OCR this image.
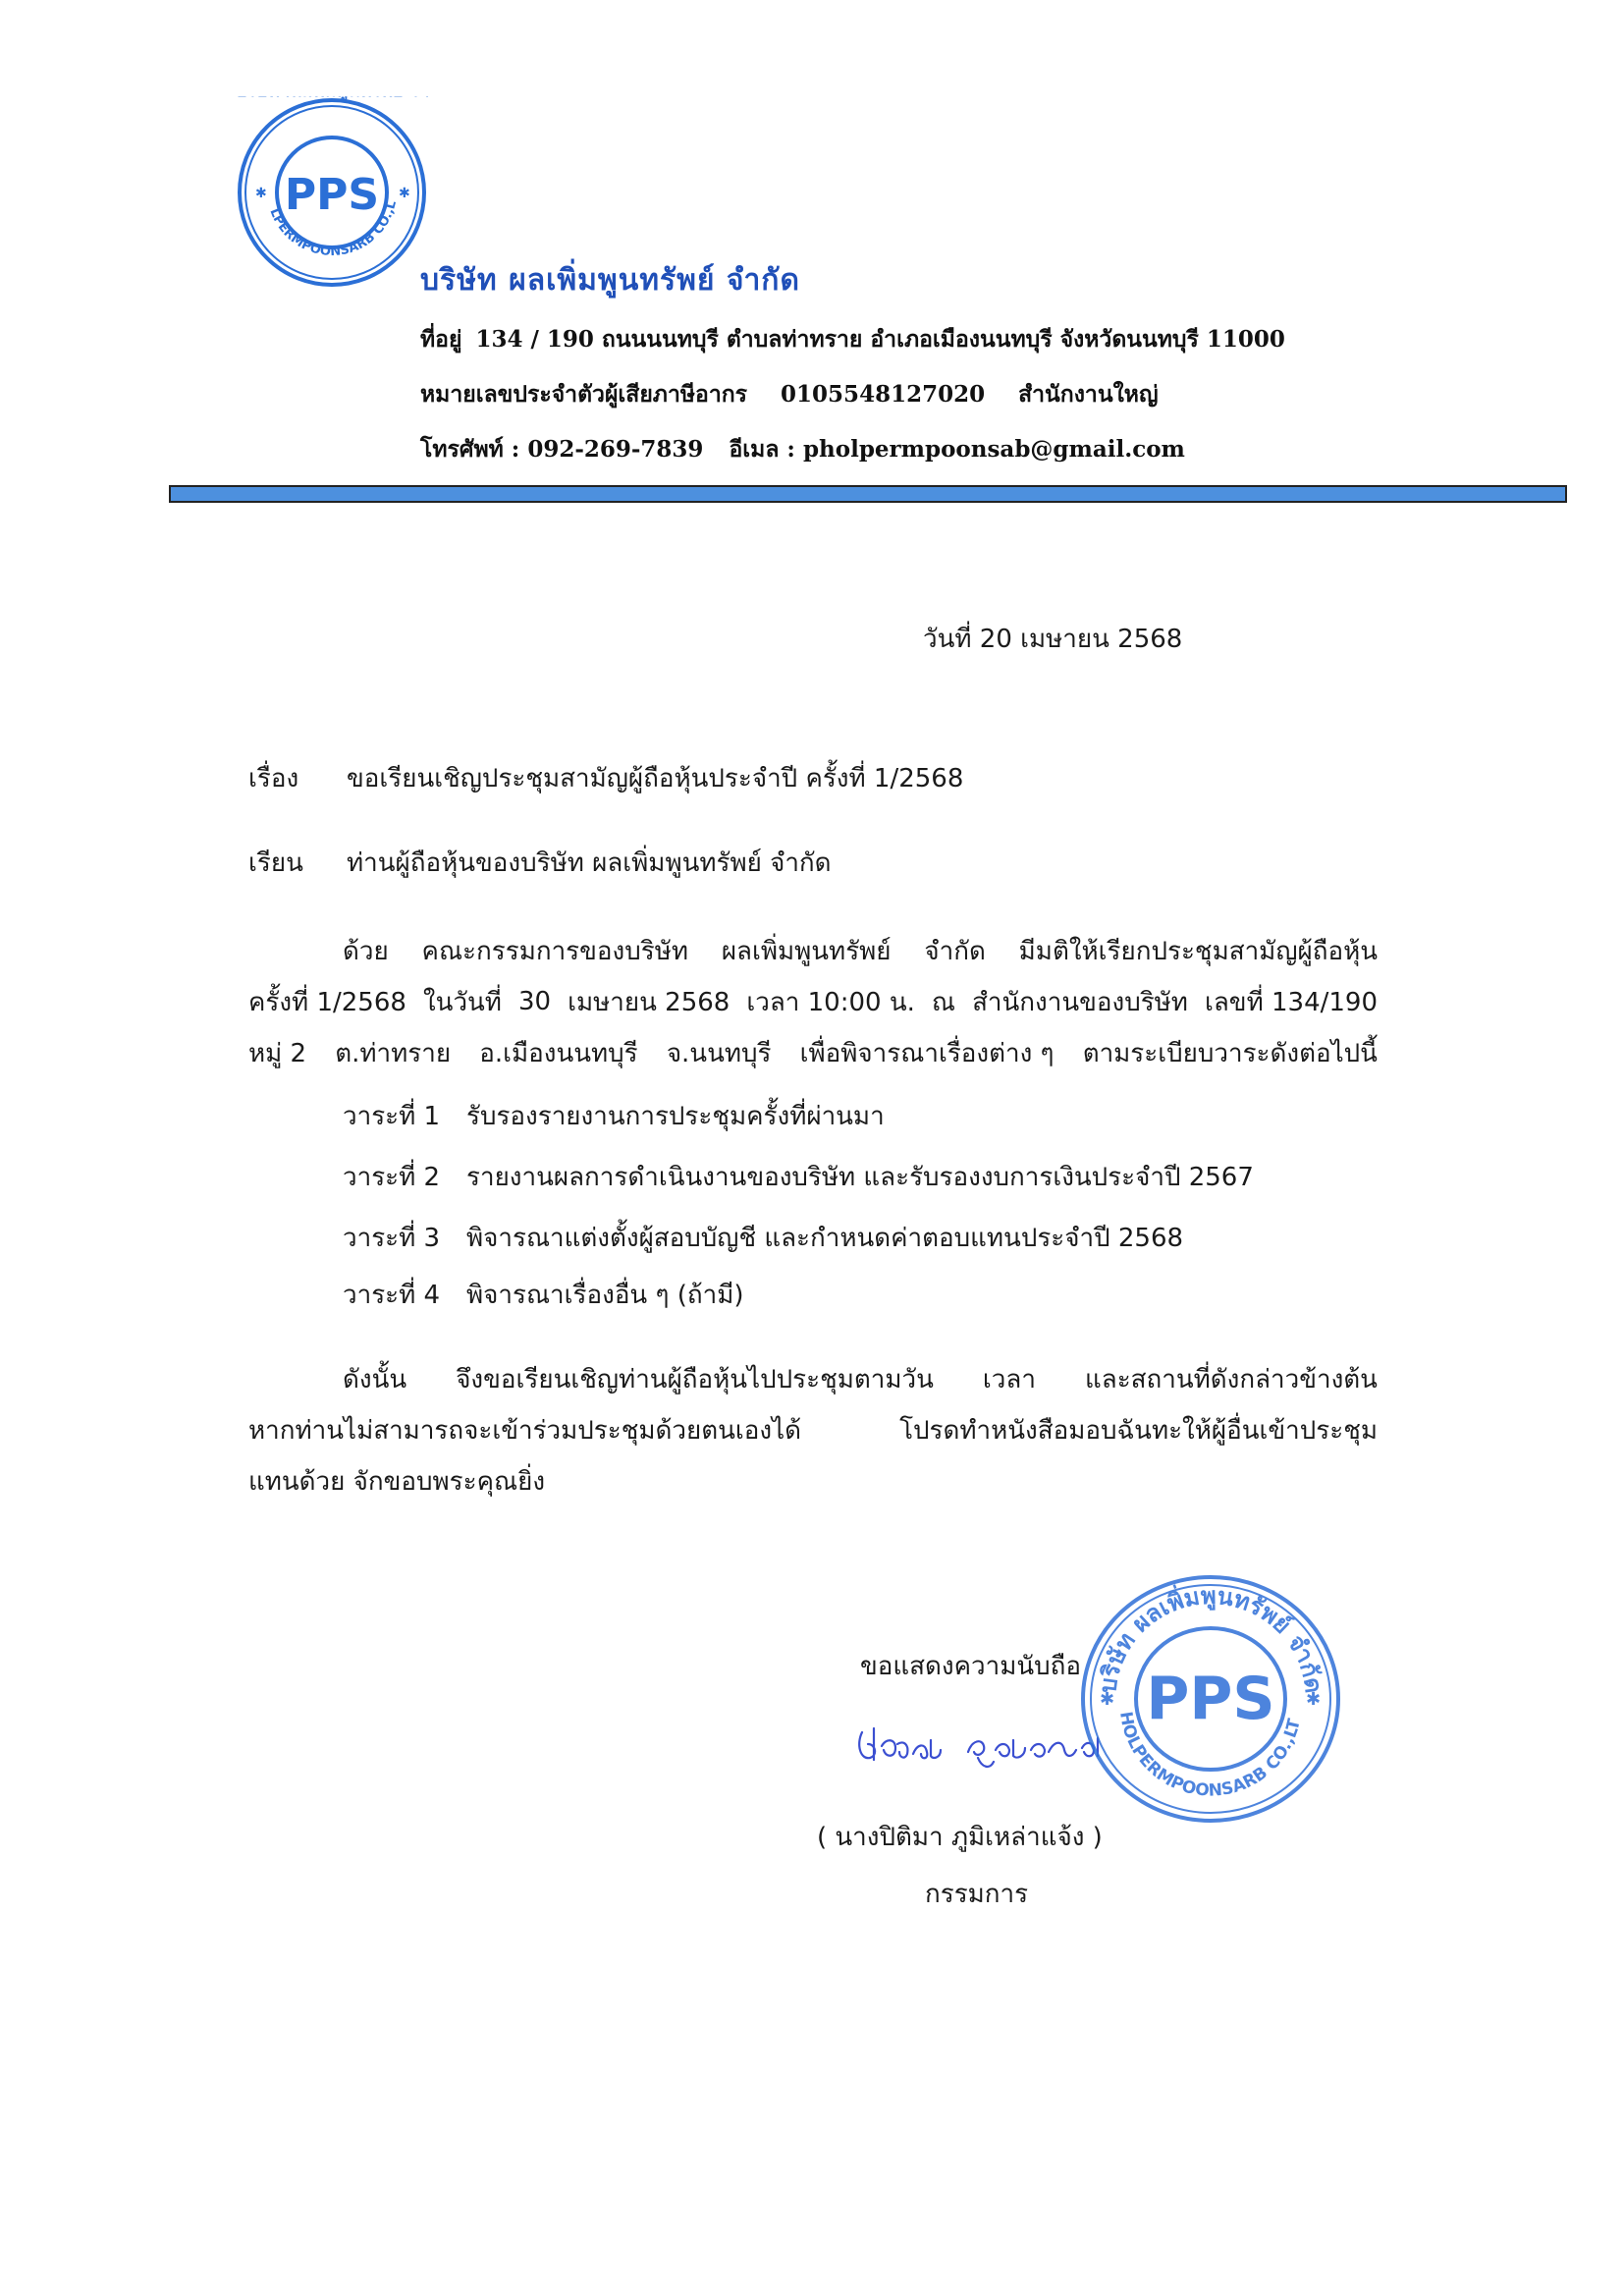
LPERMPOONSARB CO.,L
✱	✱
PPS
บริษัท ผลเพิ่มพูนทรัพย์ จำกัด
ที่อยู่ 134 / 190 ถนนนนทบุรี ตำบลท่าทราย อำเภอเมืองนนทบุรี จังหวัดนนทบุรี 11000
หมายเลขประจำตัวผู้เสียภาษีอากร 0105548127020 สำนักงานใหญ่
โทรศัพท์ : 092-269-7839 อีเมล : pholpermpoonsab@gmail.com
วันที่ 20 เมษายน 2568
เรื่อง ขอเรียนเชิญประชุมสามัญผู้ถือหุ้นประจำปี ครั้งที่ 1/2568
เรียน ท่านผู้ถือหุ้นของบริษัท ผลเพิ่มพูนทรัพย์ จำกัด
ด้วย คณะกรรมการของบริษัท ผลเพิ่มพูนทรัพย์ จำกัด มีมติให้เรียกประชุมสามัญผู้ถือหุ้น
ครั้งที่ 1/2568 ในวันที่ 30 เมษายน 2568 เวลา 10:00 น. ณ สำนักงานของบริษัท เลขที่ 134/190
หมู่ 2 ต.ท่าทราย อ.เมืองนนทบุรี จ.นนทบุรี เพื่อพิจารณาเรื่องต่าง ๆ ตามระเบียบวาระดังต่อไปนี้
วาระที่ 1 รับรองรายงานการประชุมครั้งที่ผ่านมา
วาระที่ 2 รายงานผลการดำเนินงานของบริษัท และรับรองงบการเงินประจำปี 2567
วาระที่ 3 พิจารณาแต่งตั้งผู้สอบบัญชี และกำหนดค่าตอบแทนประจำปี 2568
วาระที่ 4 พิจารณาเรื่องอื่น ๆ (ถ้ามี)
ดังนั้น จึงขอเรียนเชิญท่านผู้ถือหุ้นไปประชุมตามวัน เวลา และสถานที่ดังกล่าวข้างต้น
หากท่านไม่สามารถจะเข้าร่วมประชุมด้วยตนเองได้	โปรดทำหนังสือมอบฉันทะให้ผู้อื่นเข้าประชุม
แทนด้วย จักขอบพระคุณยิ่ง
ขอแสดงความนับถือ
( นางปิติมา ภูมิเหล่าแจ้ง )
กรรมการ
บริษัท ผลเพิ่มพูนทรัพย์ จำกัด
HOLPERMPOONSARB CO.,LT
✱	✱
PPS
